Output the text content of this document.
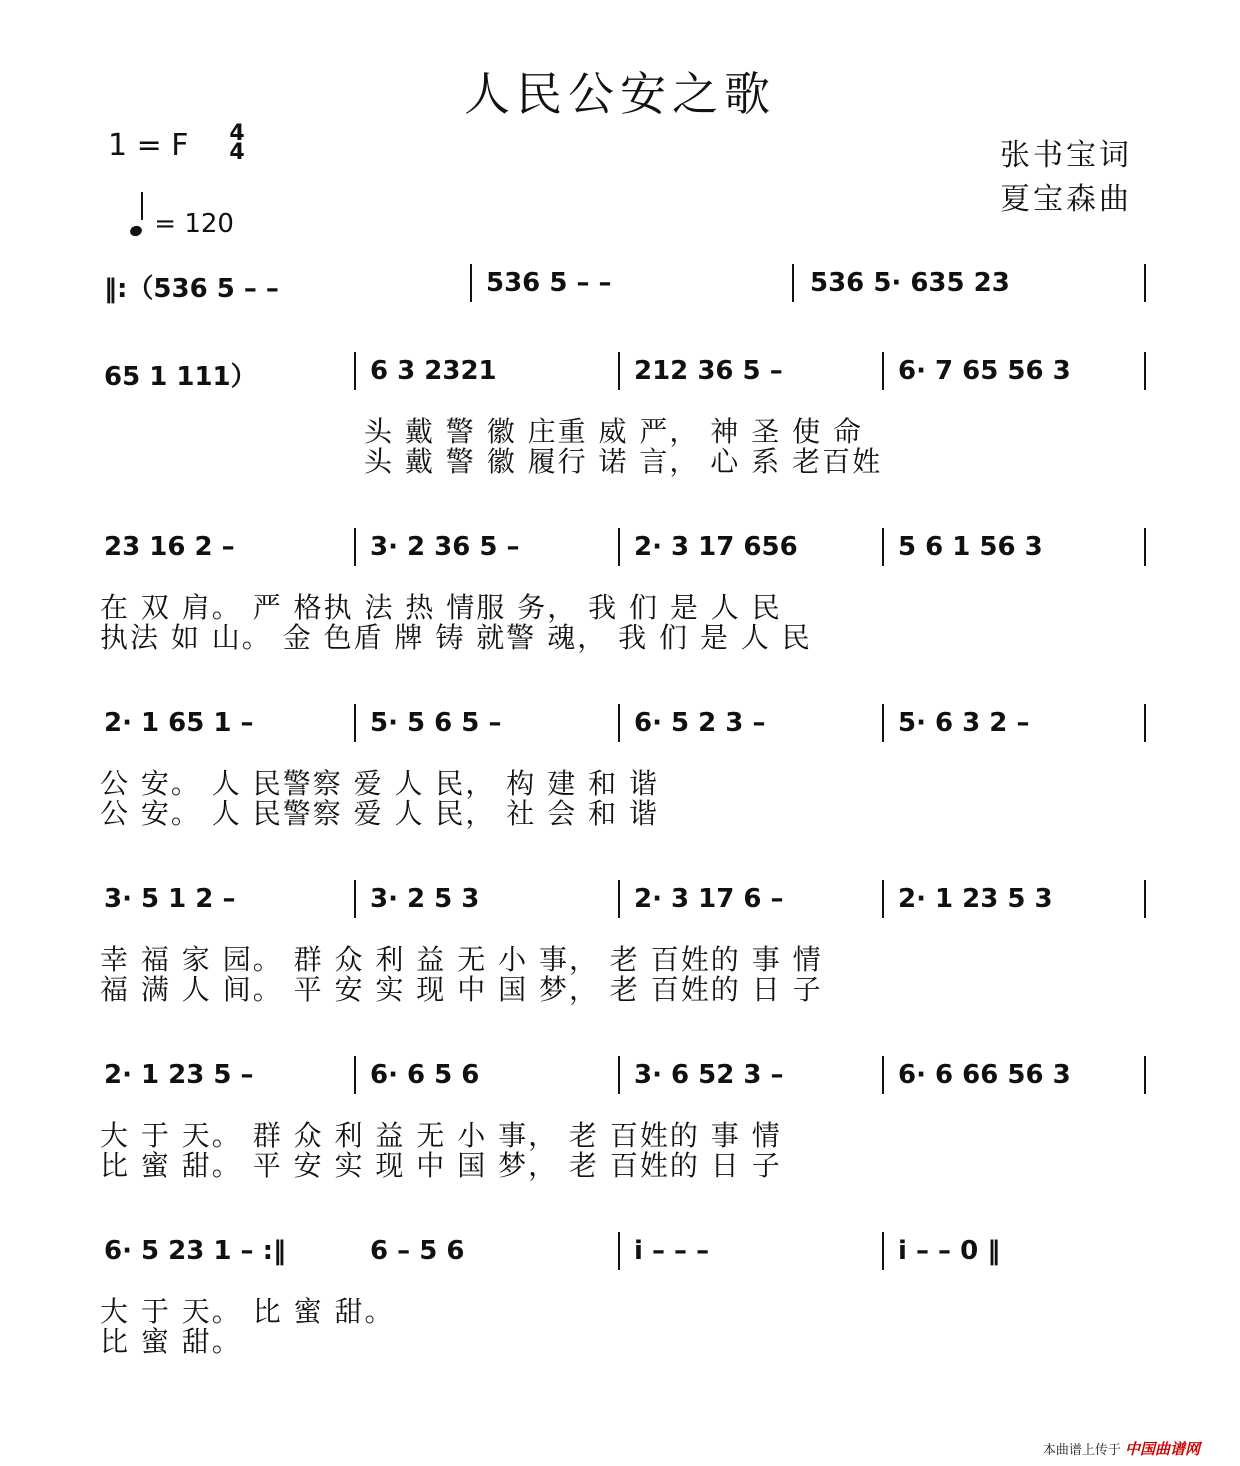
人民公安之歌
1 = F 4
4	张书宝词
夏宝森曲
= 120
‖:（536 5 – –	536 5 – –	536 5· 635 23
65 1 111）	6 3 2321	212 36 5 –	6· 7 65 56 3
头 戴 警 徽 庄重 威 严， 神 圣 使 命
头 戴 警 徽 履行 诺 言， 心 系 老百姓
23 16 2 –	3· 2 36 5 –	2· 3 17 656	5 6 1 56 3
在 双 肩。 严 格执 法 热 情服 务， 我 们 是 人 民
执法 如 山。 金 色盾 牌 铸 就警 魂， 我 们 是 人 民
2· 1 65 1 –	5· 5 6 5 –	6· 5 2 3 –	5· 6 3 2 –
公 安。 人 民警察 爱 人 民， 构 建 和 谐
公 安。 人 民警察 爱 人 民， 社 会 和 谐
3· 5 1 2 –	3· 2 5 3	2· 3 17 6 –	2· 1 23 5 3
幸 福 家 园。 群 众 利 益 无 小 事， 老 百姓的 事 情
福 满 人 间。 平 安 实 现 中 国 梦， 老 百姓的 日 子
2· 1 23 5 –	6· 6 5 6	3· 6 52 3 –	6· 6 66 56 3
大 于 天。 群 众 利 益 无 小 事， 老 百姓的 事 情
比 蜜 甜。 平 安 实 现 中 国 梦， 老 百姓的 日 子
6· 5 23 1 – :‖	6 – 5 6	i – – –	i – – 0 ‖
大 于 天。 比 蜜 甜。
比 蜜 甜。
本曲谱上传于 中国曲谱网
